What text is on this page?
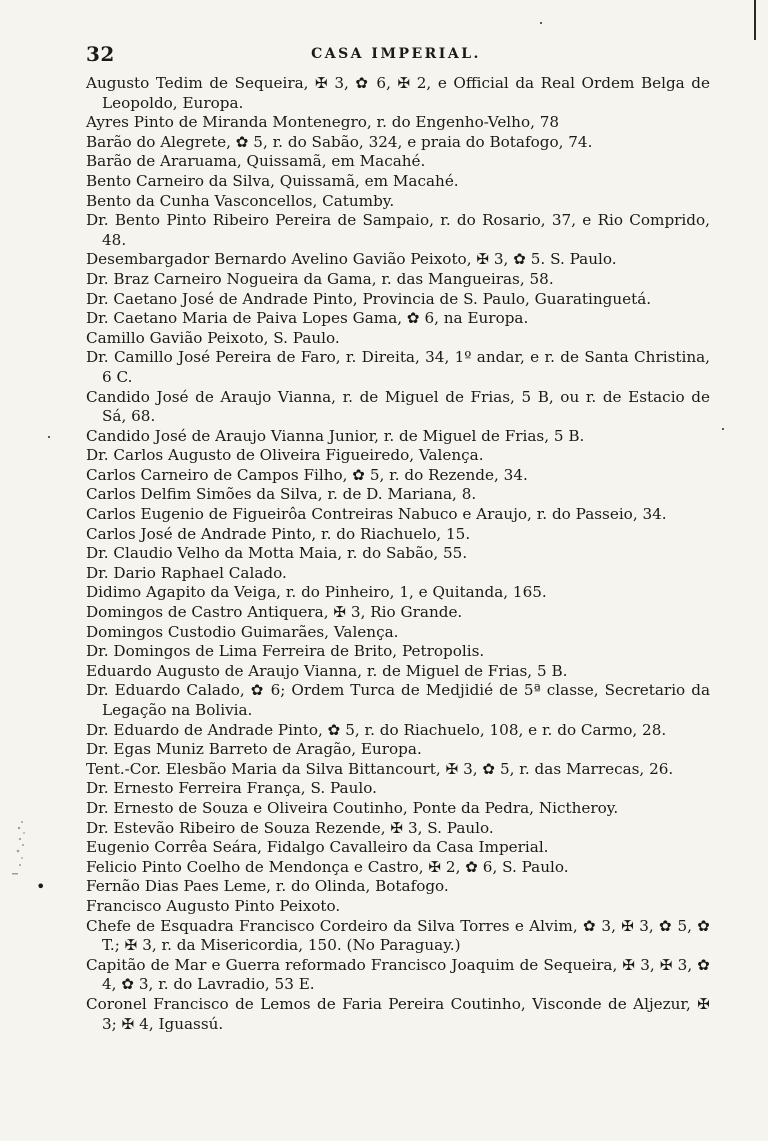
32	CASA IMPERIAL.
Augusto Tedim de Sequeira, ✠ 3, ✿ 6, ✠ 2, e Official da Real Ordem Belga de Leopoldo, Europa.
Ayres Pinto de Miranda Montenegro, r. do Engenho-Velho, 78
Barão do Alegrete, ✿ 5, r. do Sabão, 324, e praia do Botafogo, 74.
Barão de Araruama, Quissamã, em Macahé.
Bento Carneiro da Silva, Quissamã, em Macahé.
Bento da Cunha Vasconcellos, Catumby.
Dr. Bento Pinto Ribeiro Pereira de Sampaio, r. do Rosario, 37, e Rio Comprido, 48.
Desembargador Bernardo Avelino Gavião Peixoto, ✠ 3, ✿ 5. S. Paulo.
Dr. Braz Carneiro Nogueira da Gama, r. das Mangueiras, 58.
Dr. Caetano José de Andrade Pinto, Provincia de S. Paulo, Guaratinguetá.
Dr. Caetano Maria de Paiva Lopes Gama, ✿ 6, na Europa.
Camillo Gavião Peixoto, S. Paulo.
Dr. Camillo José Pereira de Faro, r. Direita, 34, 1º andar, e r. de Santa Christina, 6 C.
Candido José de Araujo Vianna, r. de Miguel de Frias, 5 B, ou r. de Estacio de Sá, 68.
Candido José de Araujo Vianna Junior, r. de Miguel de Frias, 5 B.
Dr. Carlos Augusto de Oliveira Figueiredo, Valença.
Carlos Carneiro de Campos Filho, ✿ 5, r. do Rezende, 34.
Carlos Delfim Simões da Silva, r. de D. Mariana, 8.
Carlos Eugenio de Figueirôa Contreiras Nabuco e Araujo, r. do Passeio, 34.
Carlos José de Andrade Pinto, r. do Riachuelo, 15.
Dr. Claudio Velho da Motta Maia, r. do Sabão, 55.
Dr. Dario Raphael Calado.
Didimo Agapito da Veiga, r. do Pinheiro, 1, e Quitanda, 165.
Domingos de Castro Antiquera, ✠ 3, Rio Grande.
Domingos Custodio Guimarães, Valença.
Dr. Domingos de Lima Ferreira de Brito, Petropolis.
Eduardo Augusto de Araujo Vianna, r. de Miguel de Frias, 5 B.
Dr. Eduardo Calado, ✿ 6; Ordem Turca de Medjidié de 5ª classe, Secretario da Legação na Bolivia.
Dr. Eduardo de Andrade Pinto, ✿ 5, r. do Riachuelo, 108, e r. do Carmo, 28.
Dr. Egas Muniz Barreto de Aragão, Europa.
Tent.-Cor. Elesbão Maria da Silva Bittancourt, ✠ 3, ✿ 5, r. das Marrecas, 26.
Dr. Ernesto Ferreira França, S. Paulo.
Dr. Ernesto de Souza e Oliveira Coutinho, Ponte da Pedra, Nictheroy.
Dr. Estevão Ribeiro de Souza Rezende, ✠ 3, S. Paulo.
Eugenio Corrêa Seára, Fidalgo Cavalleiro da Casa Imperial.
Felicio Pinto Coelho de Mendonça e Castro, ✠ 2, ✿ 6, S. Paulo.
• Fernão Dias Paes Leme, r. do Olinda, Botafogo.
Francisco Augusto Pinto Peixoto.
Chefe de Esquadra Francisco Cordeiro da Silva Torres e Alvim, ✿ 3, ✠ 3, ✿ 5, ✿ T.; ✠ 3, r. da Misericordia, 150. (No Paraguay.)
Capitão de Mar e Guerra reformado Francisco Joaquim de Sequeira, ✠ 3, ✠ 3, ✿ 4, ✿ 3, r. do Lavradio, 53 E.
Coronel Francisco de Lemos de Faria Pereira Coutinho, Visconde de Aljezur, ✠ 3; ✠ 4, Iguassú.
